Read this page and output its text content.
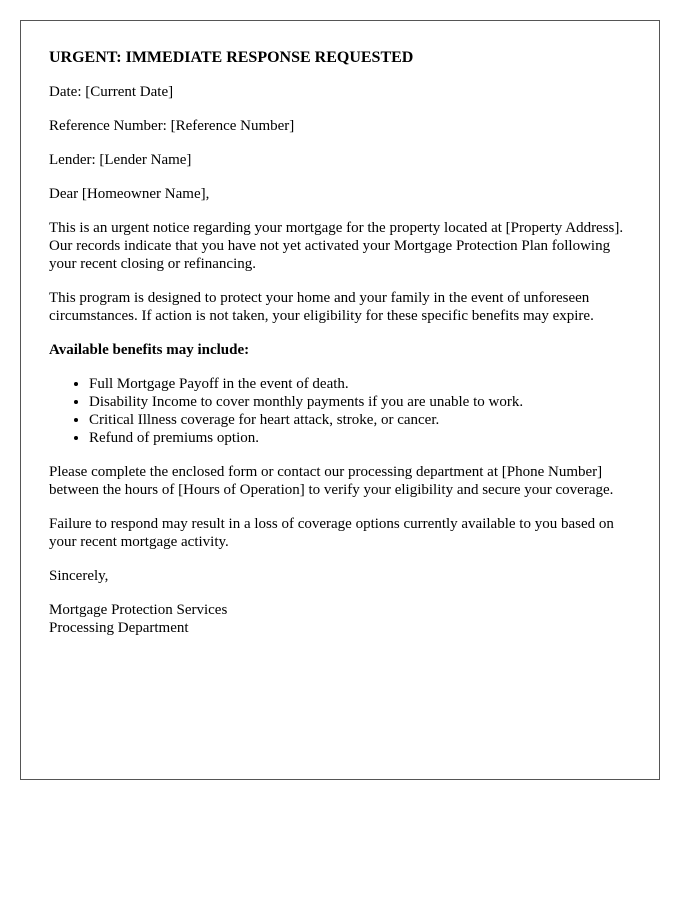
URGENT: IMMEDIATE RESPONSE REQUESTED

Date: [Current Date]

Reference Number: [Reference Number]

Lender: [Lender Name]

Dear [Homeowner Name],

This is an urgent notice regarding your mortgage for the property located at [Property Address]. Our records indicate that you have not yet activated your Mortgage Protection Plan following your recent closing or refinancing.

This program is designed to protect your home and your family in the event of unforeseen circumstances. If action is not taken, your eligibility for these specific benefits may expire.

Available benefits may include:
• Full Mortgage Payoff in the event of death.
• Disability Income to cover monthly payments if you are unable to work.
• Critical Illness coverage for heart attack, stroke, or cancer.
• Refund of premiums option.

Please complete the enclosed form or contact our processing department at [Phone Number] between the hours of [Hours of Operation] to verify your eligibility and secure your coverage.

Failure to respond may result in a loss of coverage options currently available to you based on your recent mortgage activity.

Sincerely,

Mortgage Protection Services

Processing Department
